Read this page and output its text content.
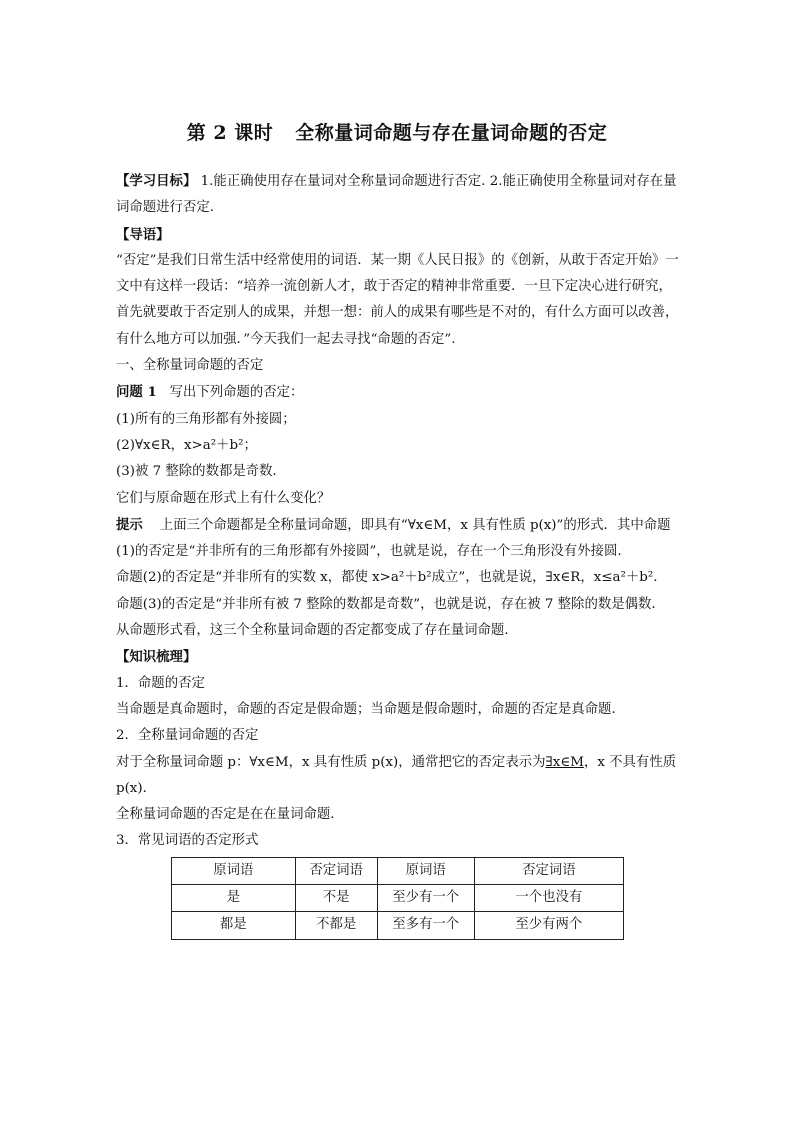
第 2 课时 全称量词命题与存在量词命题的否定

【学习目标】 1.能正确使用存在量词对全称量词命题进行否定. 2.能正确使用全称量词对存在量词命题进行否定.

【导语】

“否定”是我们日常生活中经常使用的词语．某一期《人民日报》的《创新，从敢于否定开始》一文中有这样一段话：“培养一流创新人才，敢于否定的精神非常重要．一旦下定决心进行研究，首先就要敢于否定别人的成果，并想一想：前人的成果有哪些是不对的，有什么方面可以改善，有什么地方可以加强．”今天我们一起去寻找“命题的否定”.

一、全称量词命题的否定

问题 1 写出下列命题的否定：

(1)所有的三角形都有外接圆；

(2)∀x∈R，x>a²＋b²；

(3)被 7 整除的数都是奇数．

它们与原命题在形式上有什么变化？

提示 上面三个命题都是全称量词命题，即具有“∀x∈M，x 具有性质 p(x)”的形式．其中命题(1)的否定是“并非所有的三角形都有外接圆”，也就是说，存在一个三角形没有外接圆.

命题(2)的否定是“并非所有的实数 x，都使 x>a²＋b²成立”，也就是说，∃x∈R，x≤a²＋b².

命题(3)的否定是“并非所有被 7 整除的数都是奇数”，也就是说，存在被 7 整除的数是偶数.

从命题形式看，这三个全称量词命题的否定都变成了存在量词命题．

【知识梳理】

1．命题的否定

当命题是真命题时，命题的否定是假命题；当命题是假命题时，命题的否定是真命题．

2．全称量词命题的否定

对于全称量词命题 p：∀x∈M，x 具有性质 p(x)，通常把它的否定表示为∃x∈M，x 不具有性质 p(x)．

全称量词命题的否定是在在量词命题．

3．常见词语的否定形式

原词语	否定词语	原词语	否定词语
是	不是	至少有一个	一个也没有
都是	不都是	至多有一个	至少有两个
